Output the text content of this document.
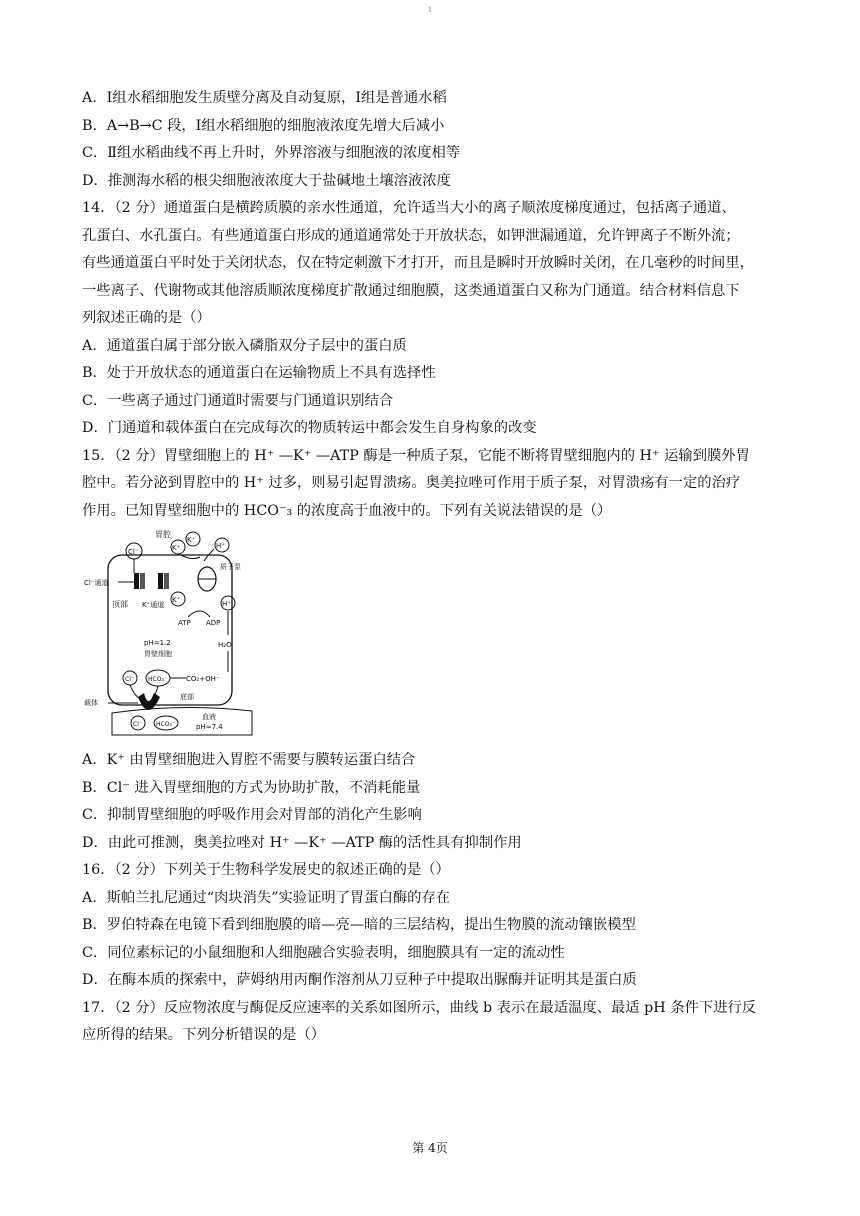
1
A．Ⅰ组水稻细胞发生质壁分离及自动复原，Ⅰ组是普通水稻
B．A→B→C 段，Ⅰ组水稻细胞的细胞液浓度先增大后减小
C．Ⅱ组水稻曲线不再上升时，外界溶液与细胞液的浓度相等
D．推测海水稻的根尖细胞液浓度大于盐碱地土壤溶液浓度
14．（2 分）通道蛋白是横跨质膜的亲水性通道，允许适当大小的离子顺浓度梯度通过，包括离子通道、
孔蛋白、水孔蛋白。有些通道蛋白形成的通道通常处于开放状态，如钾泄漏通道，允许钾离子不断外流；
有些通道蛋白平时处于关闭状态，仅在特定刺激下才打开，而且是瞬时开放瞬时关闭，在几毫秒的时间里，
一些离子、代谢物或其他溶质顺浓度梯度扩散通过细胞膜，这类通道蛋白又称为门通道。结合材料信息下
列叙述正确的是（）
A．通道蛋白属于部分嵌入磷脂双分子层中的蛋白质
B．处于开放状态的通道蛋白在运输物质上不具有选择性
C．一些离子通过门通道时需要与门通道识别结合
D．门通道和载体蛋白在完成每次的物质转运中都会发生自身构象的改变
15．（2 分）胃壁细胞上的 H⁺ —K⁺ —ATP 酶是一种质子泵，它能不断将胃壁细胞内的 H⁺ 运输到膜外胃
腔中。若分泌到胃腔中的 H⁺ 过多，则易引起胃溃疡。奥美拉唑可作用于质子泵，对胃溃疡有一定的治疗
作用。已知胃壁细胞中的 HCO⁻₃ 的浓度高于血液中的。下列有关说法错误的是（）
胃腔
Cl⁻通道
Cl⁻
顶部 K⁺通道
K⁺
K⁺
H⁺
质子泵
K⁺
ATP ADP
H⁺
pH=1.2
胃壁细胞
H₂O
CO₂+OH⁻
HCO₃⁻
Cl⁻
底部
载体
Cl⁻ HCO₃⁻
血液
pH≈7.4
A．K⁺ 由胃壁细胞进入胃腔不需要与膜转运蛋白结合
B．Cl⁻ 进入胃壁细胞的方式为协助扩散，不消耗能量
C．抑制胃壁细胞的呼吸作用会对胃部的消化产生影响
D．由此可推测，奥美拉唑对 H⁺ —K⁺ —ATP 酶的活性具有抑制作用
16．（2 分）下列关于生物科学发展史的叙述正确的是（）
A．斯帕兰扎尼通过“肉块消失”实验证明了胃蛋白酶的存在
B．罗伯特森在电镜下看到细胞膜的暗—亮—暗的三层结构，提出生物膜的流动镶嵌模型
C．同位素标记的小鼠细胞和人细胞融合实验表明，细胞膜具有一定的流动性
D．在酶本质的探索中，萨姆纳用丙酮作溶剂从刀豆种子中提取出脲酶并证明其是蛋白质
17．（2 分）反应物浓度与酶促反应速率的关系如图所示，曲线 b 表示在最适温度、最适 pH 条件下进行反
应所得的结果。下列分析错误的是（）
第 4页
